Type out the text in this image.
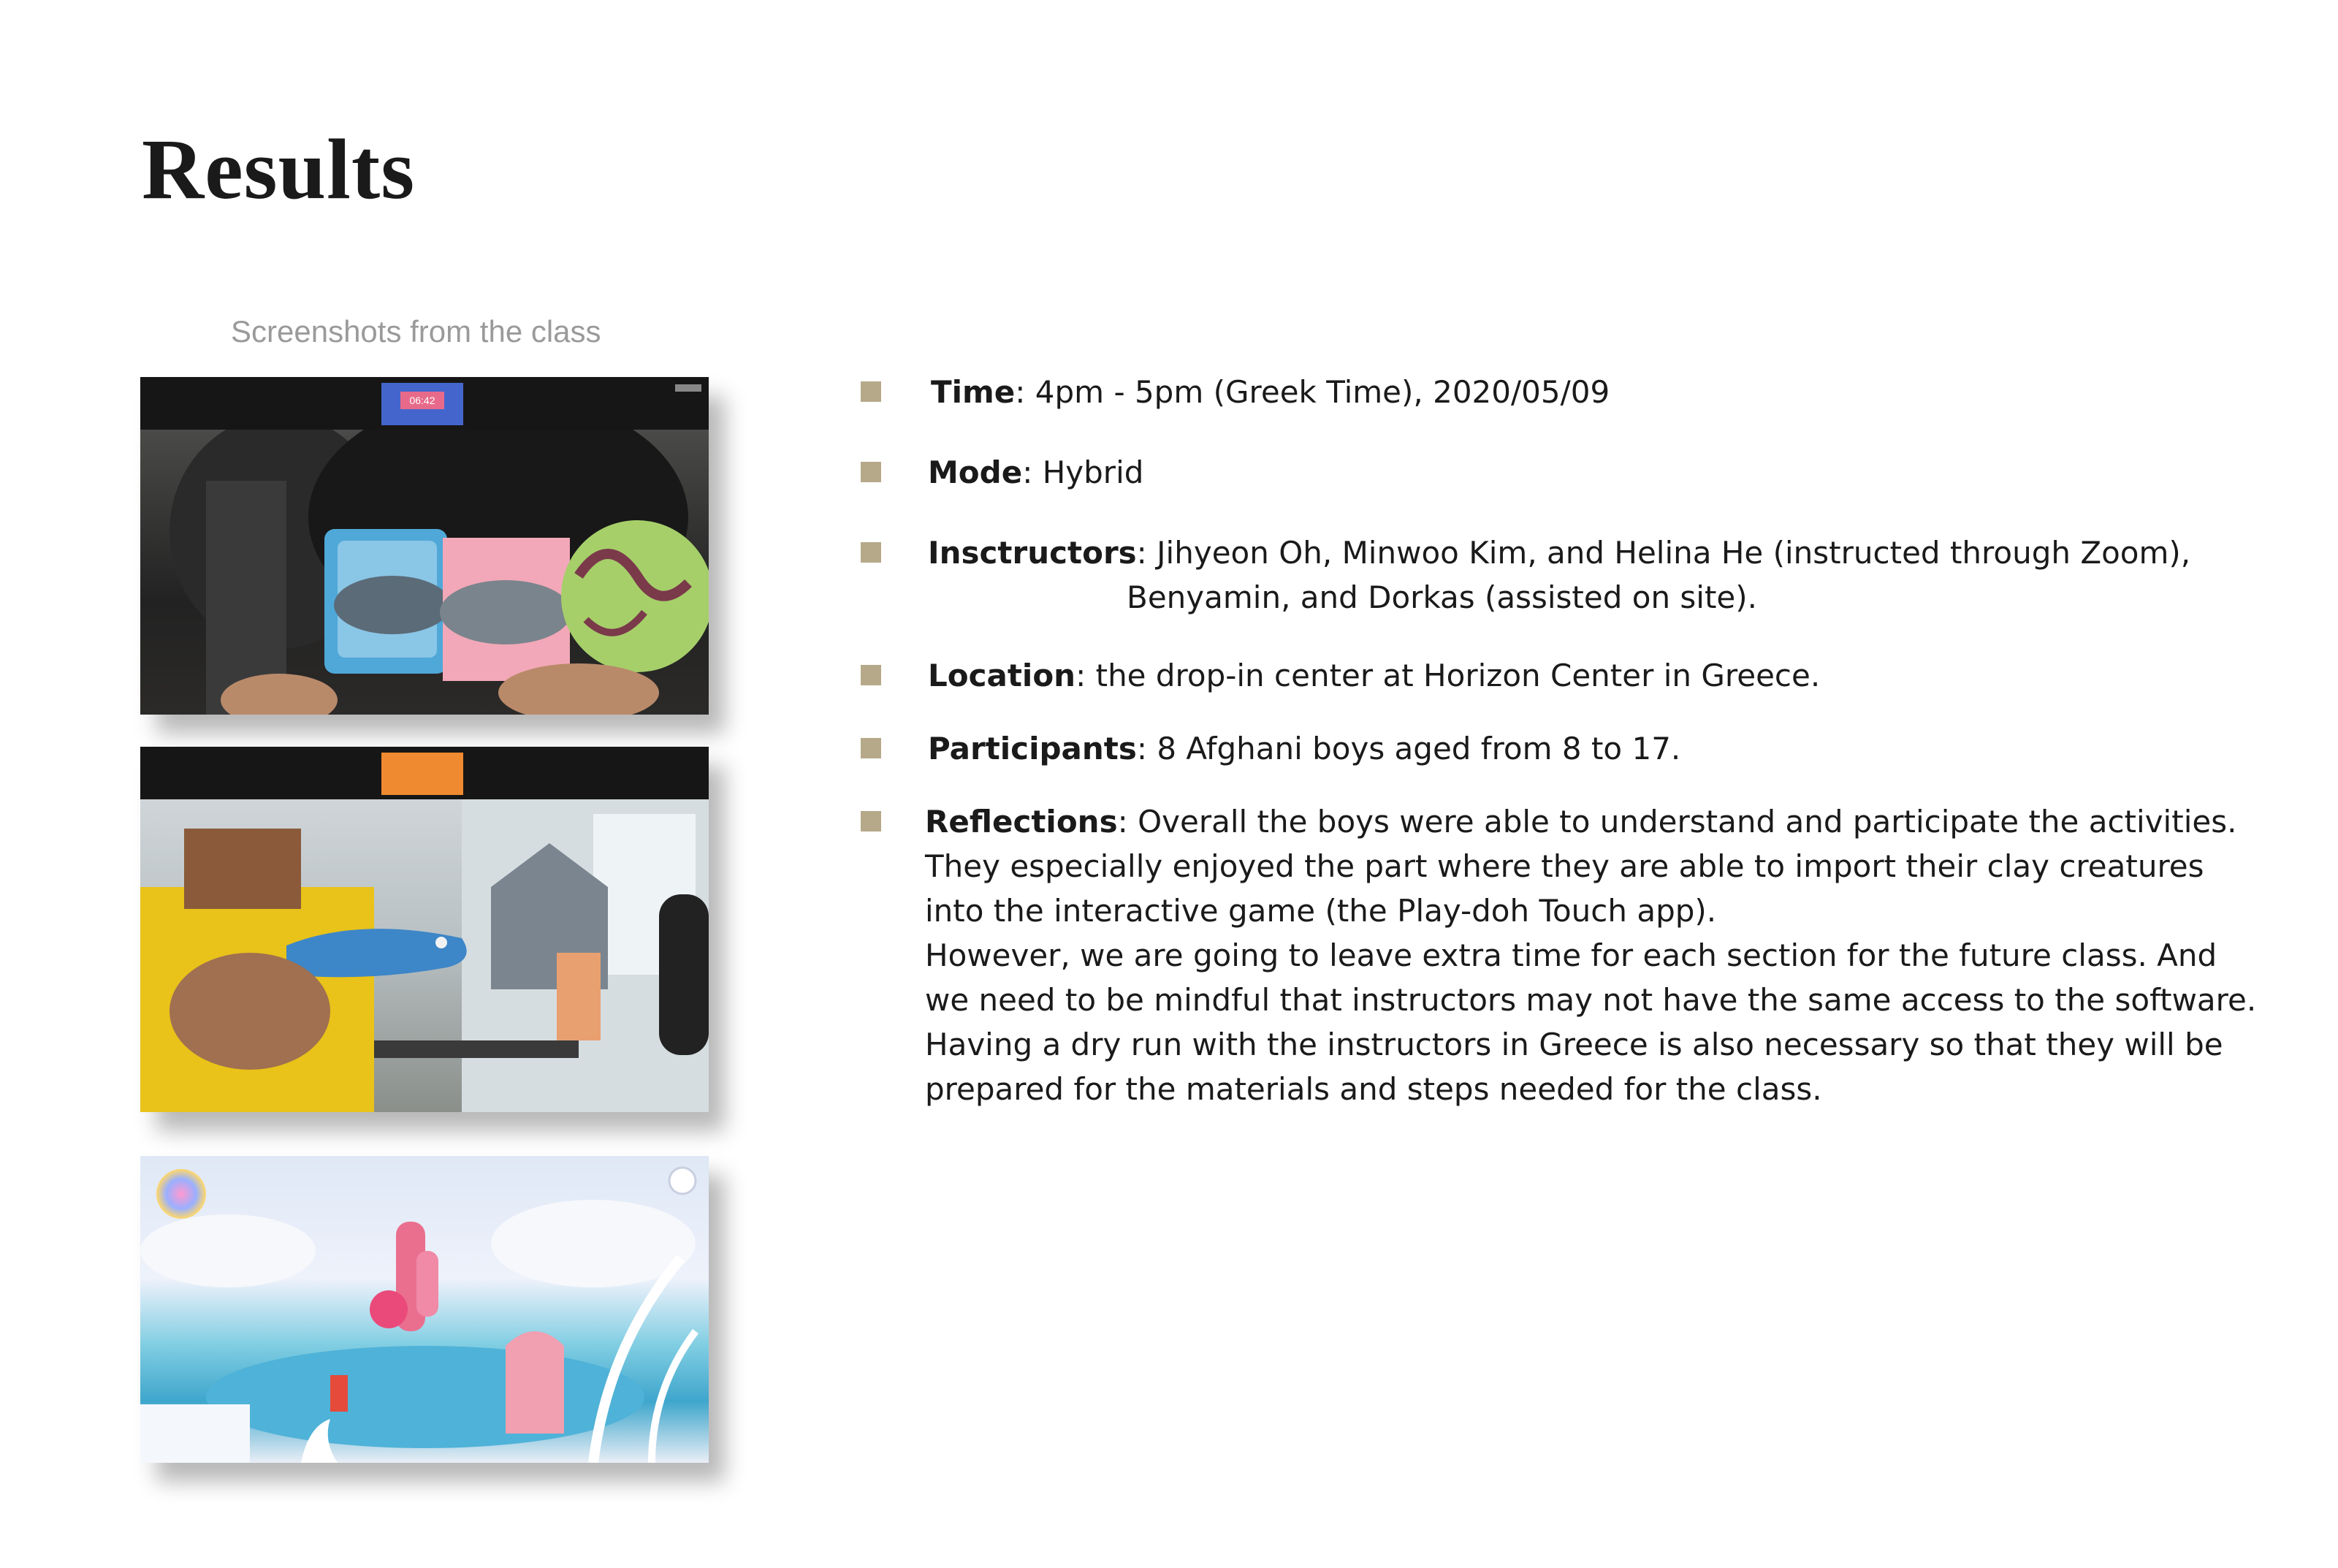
Results
Screenshots from the class
06:42	Time: 4pm - 5pm (Greek Time), 2020/05/09
Mode: Hybrid
Insctructors: Jihyeon Oh, Minwoo Kim, and Helina He (instructed through Zoom),
Benyamin, and Dorkas (assisted on site).
Location: the drop-in center at Horizon Center in Greece.
Participants: 8 Afghani boys aged from 8 to 17.
Reflections: Overall the boys were able to understand and participate the activities.
They especially enjoyed the part where they are able to import their clay creatures
into the interactive game (the Play-doh Touch app).
However, we are going to leave extra time for each section for the future class. And
we need to be mindful that instructors may not have the same access to the software.
Having a dry run with the instructors in Greece is also necessary so that they will be
prepared for the materials and steps needed for the class.
